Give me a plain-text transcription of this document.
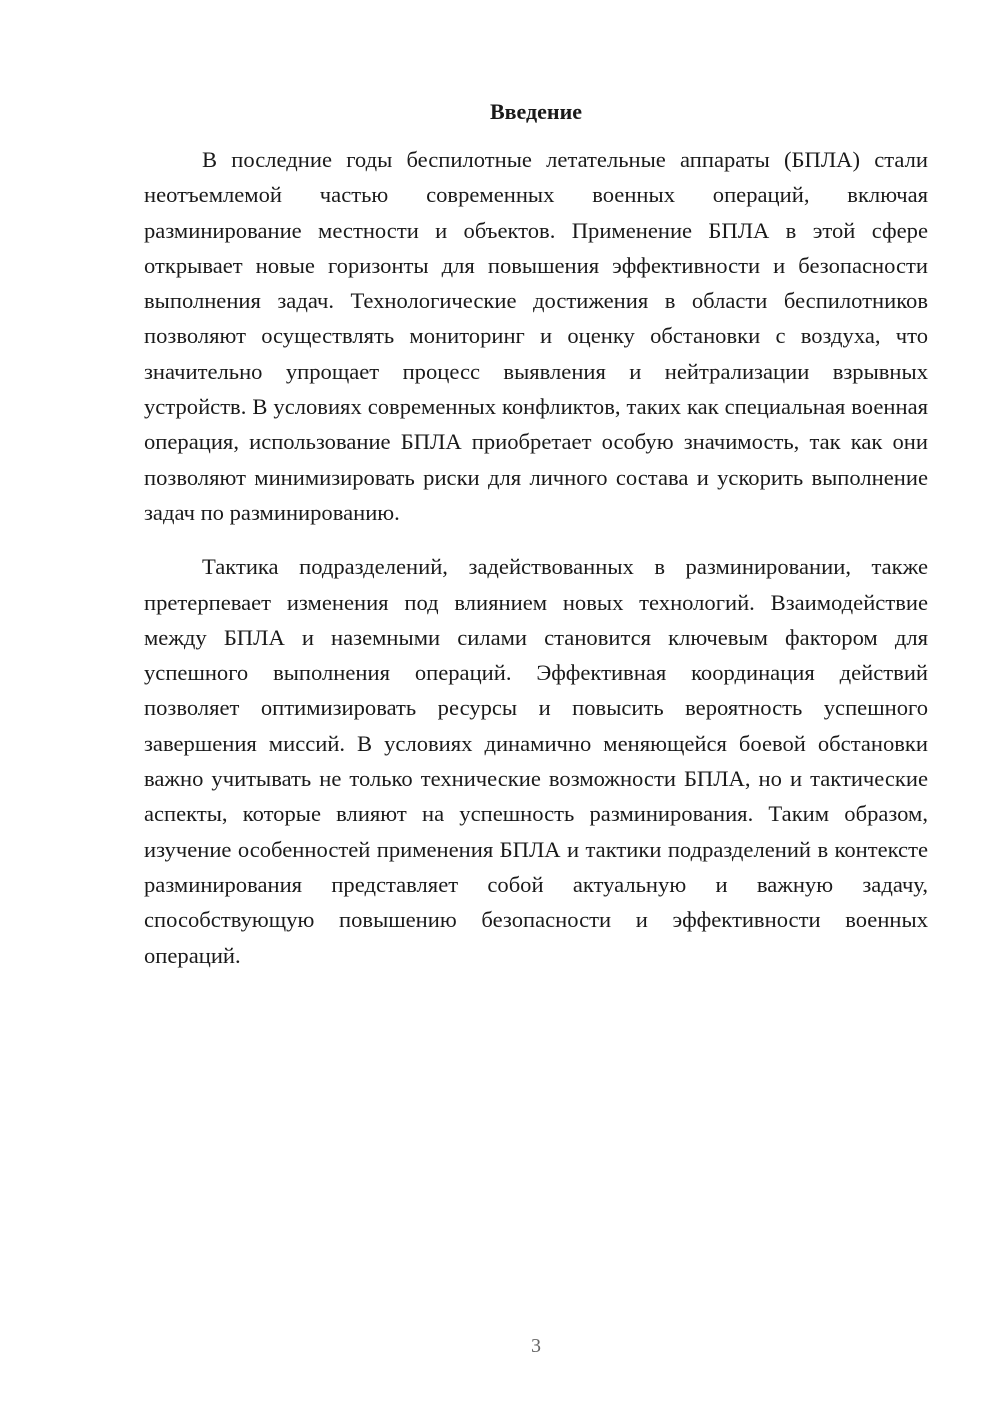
Введение

В последние годы беспилотные летательные аппараты (БПЛА) стали неотъемлемой частью современных военных операций, включая разминирование местности и объектов. Применение БПЛА в этой сфере открывает новые горизонты для повышения эффективности и безопасности выполнения задач. Технологические достижения в области беспилотников позволяют осуществлять мониторинг и оценку обстановки с воздуха, что значительно упрощает процесс выявления и нейтрализации взрывных устройств. В условиях современных конфликтов, таких как специальная военная операция, использование БПЛА приобретает особую значимость, так как они позволяют минимизировать риски для личного состава и ускорить выполнение задач по разминированию.

Тактика подразделений, задействованных в разминировании, также претерпевает изменения под влиянием новых технологий. Взаимодействие между БПЛА и наземными силами становится ключевым фактором для успешного выполнения операций. Эффективная координация действий позволяет оптимизировать ресурсы и повысить вероятность успешного завершения миссий. В условиях динамично меняющейся боевой обстановки важно учитывать не только технические возможности БПЛА, но и тактические аспекты, которые влияют на успешность разминирования. Таким образом, изучение особенностей применения БПЛА и тактики подразделений в контексте разминирования представляет собой актуальную и важную задачу, способствующую повышению безопасности и эффективности военных операций.

3
